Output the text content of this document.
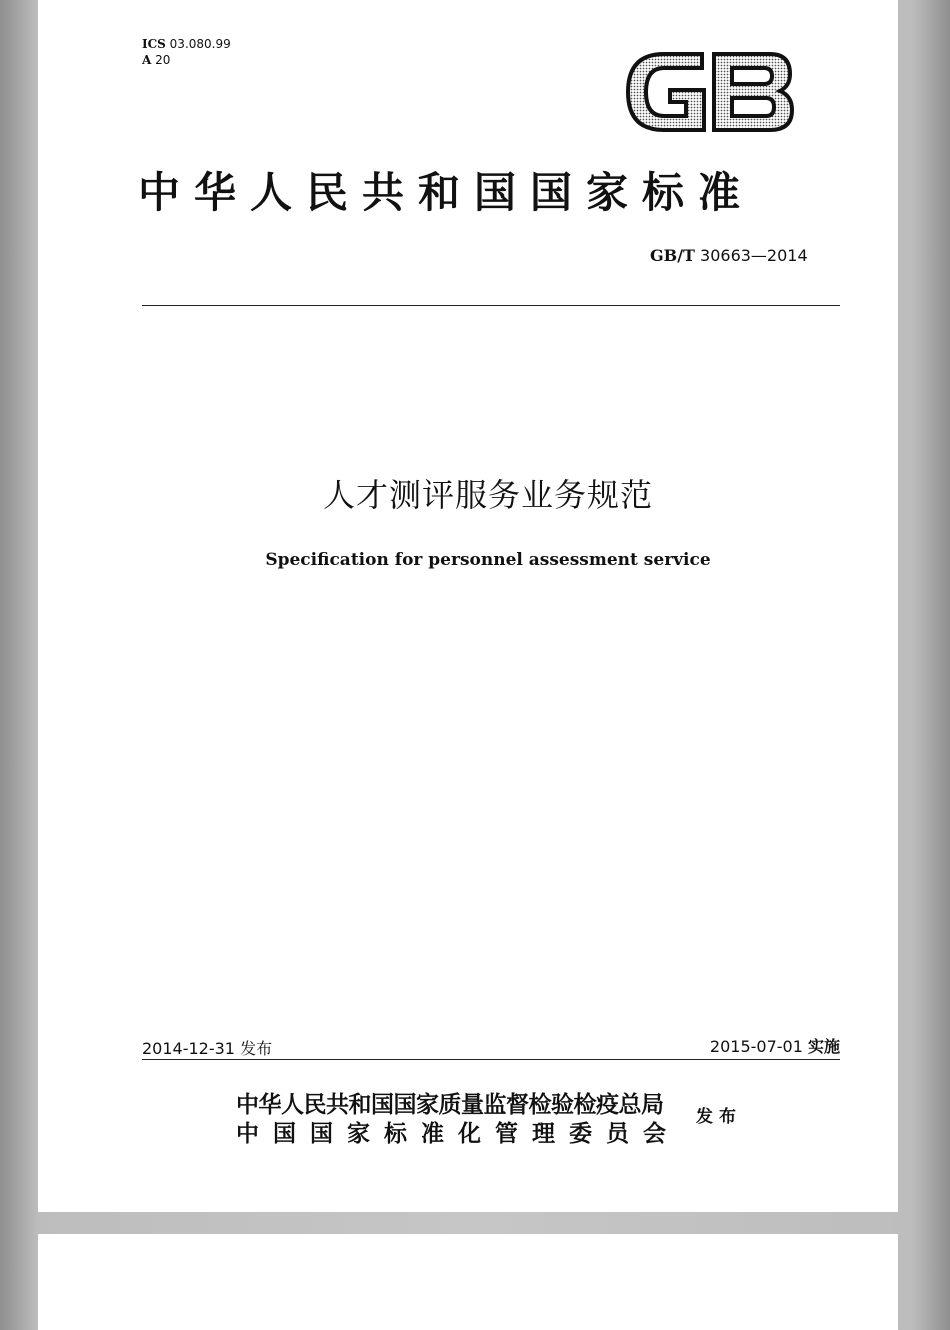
ICS 03.080.99
A 20
中华人民共和国国家标准
GB/T 30663—2014
人才测评服务业务规范
Specification for personnel assessment service
2014-12-31 发布	2015-07-01 实施
中华人民共和国国家质量监督检验检疫总局
中国国家标准化管理委员会
发布
